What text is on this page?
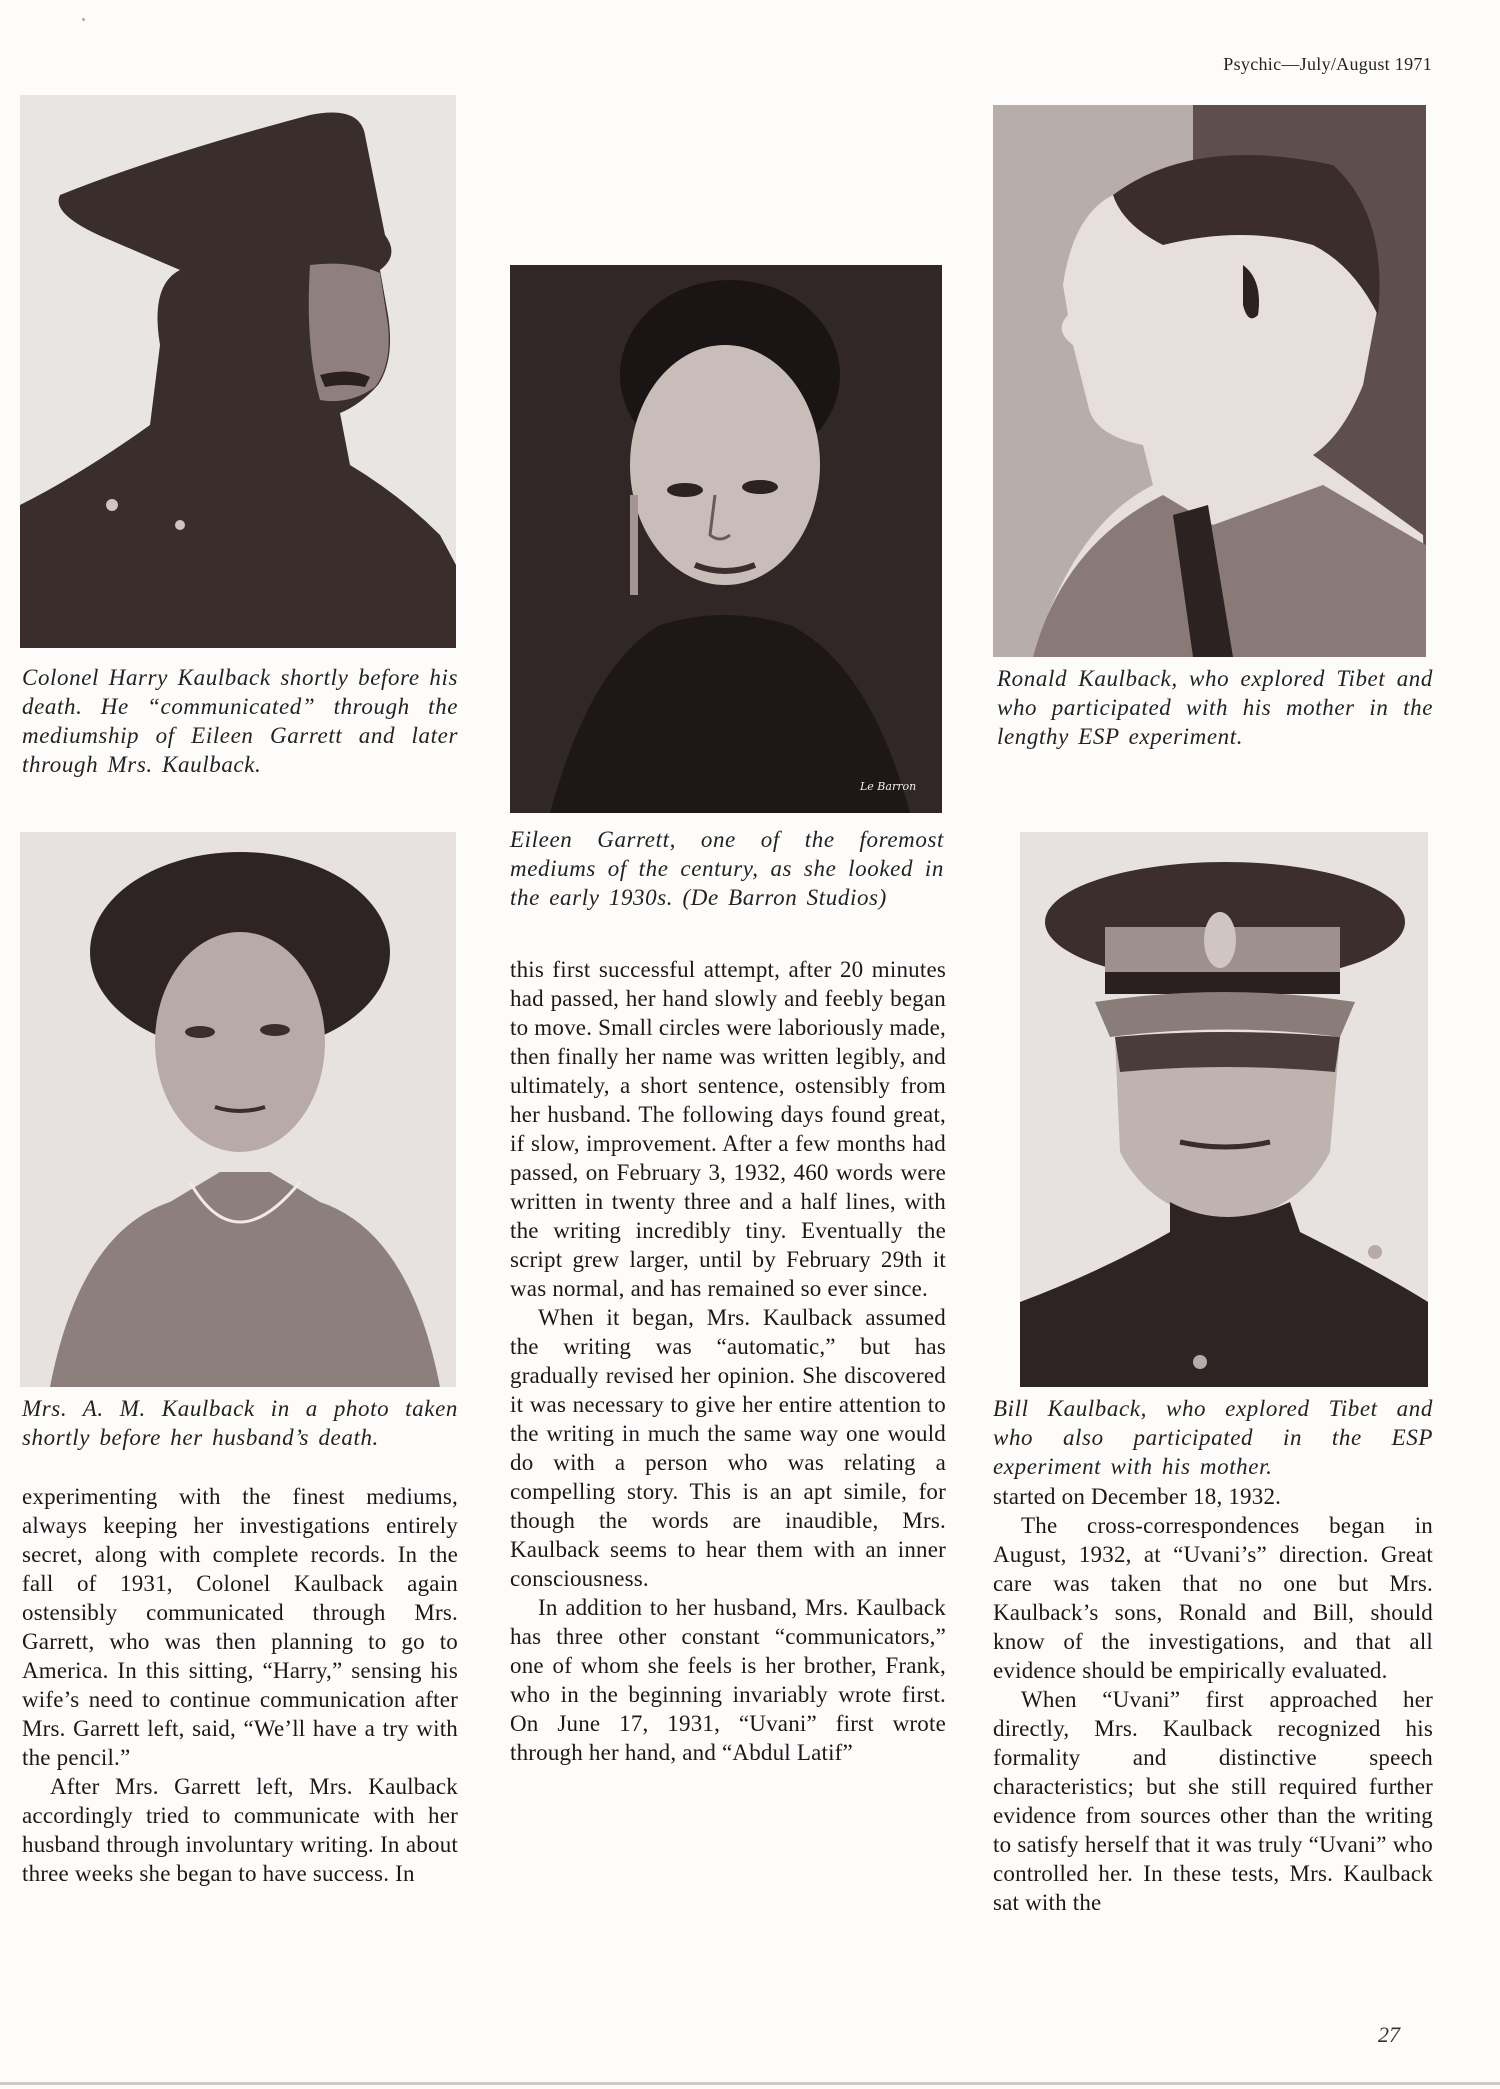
Psychic—July/August 1971
Colonel Harry Kaulback shortly before his death. He “communicated” through the mediumship of Eileen Garrett and later through Mrs. Kaulback.
Le Barron
Eileen Garrett, one of the foremost mediums of the century, as she looked in the early 1930s. (De Barron Studios)
Ronald Kaulback, who explored Tibet and who participated with his mother in the lengthy ESP experiment.
Mrs. A. M. Kaulback in a photo taken shortly before her husband’s death.
Bill Kaulback, who explored Tibet and who also participated in the ESP experiment with his mother.

experimenting with the finest mediums, always keeping her investigations entirely secret, along with complete records. In the fall of 1931, Colonel Kaulback again ostensibly communicated through Mrs. Garrett, who was then planning to go to America. In this sitting, “Harry,” sensing his wife’s need to continue communication after Mrs. Garrett left, said, “We’ll have a try with the pencil.”

After Mrs. Garrett left, Mrs. Kaulback accordingly tried to communicate with her husband through involuntary writing. In about three weeks she began to have success. In

this first successful attempt, after 20 minutes had passed, her hand slowly and feebly began to move. Small circles were laboriously made, then finally her name was written legibly, and ultimately, a short sentence, ostensibly from her husband. The following days found great, if slow, improvement. After a few months had passed, on February 3, 1932, 460 words were written in twenty three and a half lines, with the writing incredibly tiny. Eventually the script grew larger, until by February 29th it was normal, and has remained so ever since.

When it began, Mrs. Kaulback assumed the writing was “automatic,” but has gradually revised her opinion. She discovered it was necessary to give her entire attention to the writing in much the same way one would do with a person who was relating a compelling story. This is an apt simile, for though the words are inaudible, Mrs. Kaulback seems to hear them with an inner consciousness.

In addition to her husband, Mrs. Kaulback has three other constant “communicators,” one of whom she feels is her brother, Frank, who in the beginning invariably wrote first. On June 17, 1931, “Uvani” first wrote through her hand, and “Abdul Latif”

started on December 18, 1932.

The cross-correspondences began in August, 1932, at “Uvani’s” direction. Great care was taken that no one but Mrs. Kaulback’s sons, Ronald and Bill, should know of the investigations, and that all evidence should be empirically evaluated.

When “Uvani” first approached her directly, Mrs. Kaulback recognized his formality and distinctive speech characteristics; but she still required further evidence from sources other than the writing to satisfy herself that it was truly “Uvani” who controlled her. In these tests, Mrs. Kaulback sat with the

27
